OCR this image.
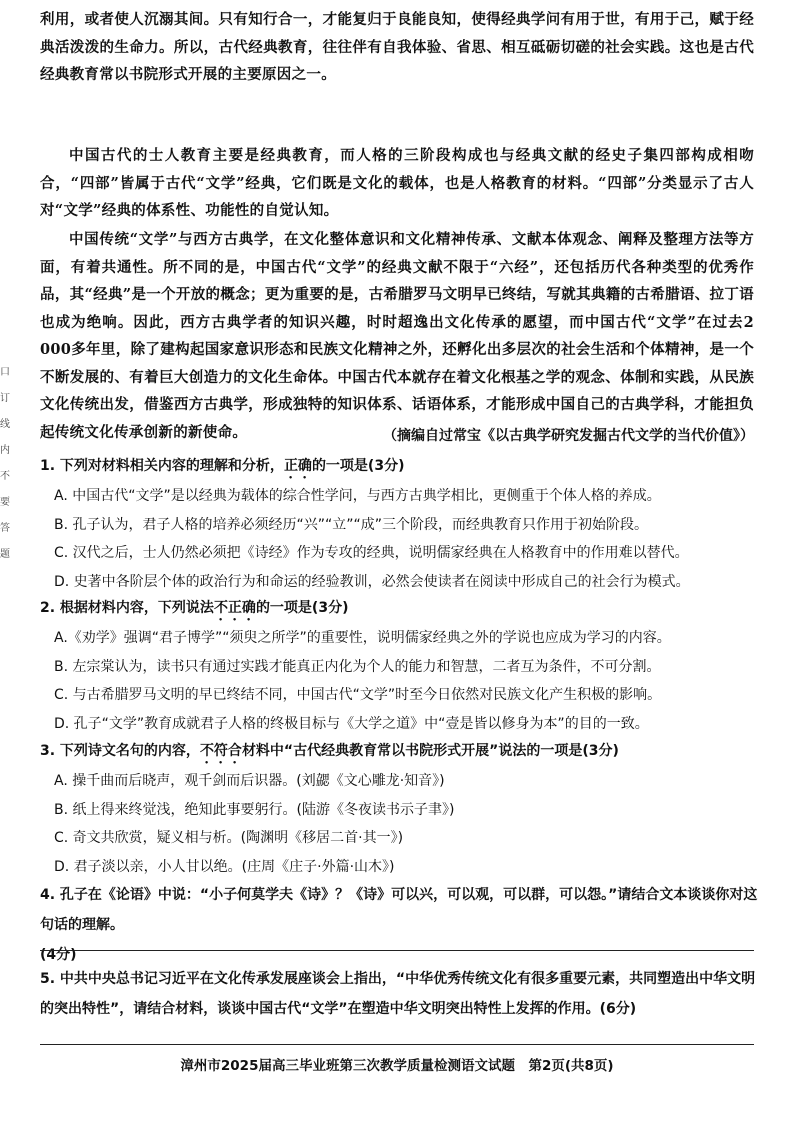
口 订 线 内 不 要 答 题
利用，或者使人沉溺其间。只有知行合一，才能复归于良能良知，使得经典学问有用于世，有用于己，赋于经典活泼泼的生命力。所以，古代经典教育，往往伴有自我体验、省思、相互砥砺切磋的社会实践。这也是古代经典教育常以书院形式开展的主要原因之一。
中国古代的士人教育主要是经典教育，而人格的三阶段构成也与经典文献的经史子集四部构成相吻合，“四部”皆属于古代“文学”经典，它们既是文化的载体，也是人格教育的材料。“四部”分类显示了古人对“文学”经典的体系性、功能性的自觉认知。
中国传统“文学”与西方古典学，在文化整体意识和文化精神传承、文献本体观念、阐释及整理方法等方面，有着共通性。所不同的是，中国古代“文学”的经典文献不限于“六经”，还包括历代各种类型的优秀作品，其“经典”是一个开放的概念；更为重要的是，古希腊罗马文明早已终结，写就其典籍的古希腊语、拉丁语也成为绝响。因此，西方古典学者的知识兴趣，时时超逸出文化传承的愿望，而中国古代“文学”在过去2 000多年里，除了建构起国家意识形态和民族文化精神之外，还孵化出多层次的社会生活和个体精神，是一个不断发展的、有着巨大创造力的文化生命体。中国古代本就存在着文化根基之学的观念、体制和实践，从民族文化传统出发，借鉴西方古典学，形成独特的知识体系、话语体系，才能形成中国自己的古典学科，才能担负起传统文化传承创新的新使命。	（摘编自过常宝《以古典学研究发掘古代文学的当代价值》）
1. 下列对材料相关内容的理解和分析，正确的一项是(3分)
A. 中国古代“文学”是以经典为载体的综合性学问，与西方古典学相比，更侧重于个体人格的养成。
B. 孔子认为，君子人格的培养必须经历“兴”“立”“成”三个阶段，而经典教育只作用于初始阶段。
C. 汉代之后，士人仍然必须把《诗经》作为专攻的经典，说明儒家经典在人格教育中的作用难以替代。
D. 史著中各阶层个体的政治行为和命运的经验教训，必然会使读者在阅读中形成自己的社会行为模式。
2. 根据材料内容，下列说法不正确的一项是(3分)
A.《劝学》强调“君子博学”“须臾之所学”的重要性，说明儒家经典之外的学说也应成为学习的内容。
B. 左宗棠认为，读书只有通过实践才能真正内化为个人的能力和智慧，二者互为条件，不可分割。
C. 与古希腊罗马文明的早已终结不同，中国古代“文学”时至今日依然对民族文化产生积极的影响。
D. 孔子“文学”教育成就君子人格的终极目标与《大学之道》中“壹是皆以修身为本”的目的一致。
3. 下列诗文名句的内容，不符合材料中“古代经典教育常以书院形式开展”说法的一项是(3分)
A. 操千曲而后晓声，观千剑而后识器。(刘勰《文心雕龙·知音》)
B. 纸上得来终觉浅，绝知此事要躬行。(陆游《冬夜读书示子聿》)
C. 奇文共欣赏，疑义相与析。(陶渊明《移居二首·其一》)
D. 君子淡以亲，小人甘以绝。(庄周《庄子·外篇·山木》)
4. 孔子在《论语》中说：“小子何莫学夫《诗》？《诗》可以兴，可以观，可以群，可以怨。”请结合文本谈谈你对这句话的理解。
(4分)
5. 中共中央总书记习近平在文化传承发展座谈会上指出，“中华优秀传统文化有很多重要元素，共同塑造出中华文明的突出特性”，请结合材料，谈谈中国古代“文学”在塑造中华文明突出特性上发挥的作用。(6分)
漳州市2025届高三毕业班第三次教学质量检测语文试题　第2页(共8页)
